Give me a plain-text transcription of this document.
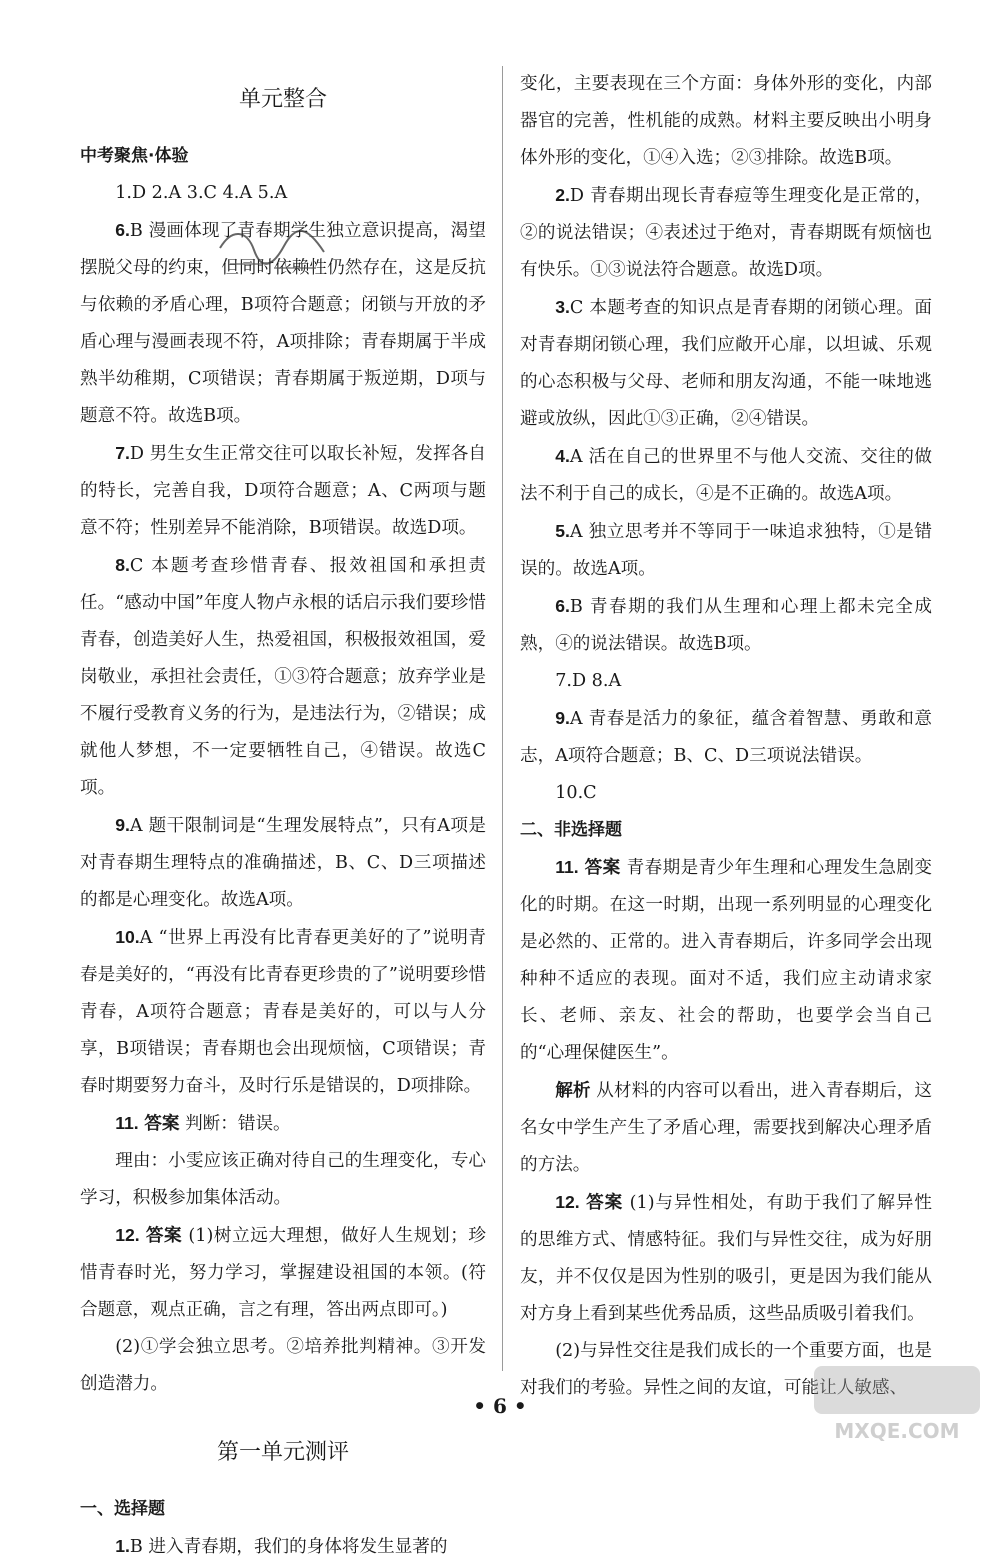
单元整合

中考聚焦·体验

1.D 2.A 3.C 4.A 5.A

6.B 漫画体现了青春期学生独立意识提高，渴望摆脱父母的约束，但同时依赖性仍然存在，这是反抗与依赖的矛盾心理，B项符合题意；闭锁与开放的矛盾心理与漫画表现不符，A项排除；青春期属于半成熟半幼稚期，C项错误；青春期属于叛逆期，D项与题意不符。故选B项。

7.D 男生女生正常交往可以取长补短，发挥各自的特长，完善自我，D项符合题意；A、C两项与题意不符；性别差异不能消除，B项错误。故选D项。

8.C 本题考查珍惜青春、报效祖国和承担责任。“感动中国”年度人物卢永根的话启示我们要珍惜青春，创造美好人生，热爱祖国，积极报效祖国，爱岗敬业，承担社会责任，①③符合题意；放弃学业是不履行受教育义务的行为，是违法行为，②错误；成就他人梦想，不一定要牺牲自己，④错误。故选C项。

9.A 题干限制词是“生理发展特点”，只有A项是对青春期生理特点的准确描述，B、C、D三项描述的都是心理变化。故选A项。

10.A “世界上再没有比青春更美好的了”说明青春是美好的，“再没有比青春更珍贵的了”说明要珍惜青春，A项符合题意；青春是美好的，可以与人分享，B项错误；青春期也会出现烦恼，C项错误；青春时期要努力奋斗，及时行乐是错误的，D项排除。

11. 答案 判断：错误。

理由：小雯应该正确对待自己的生理变化，专心学习，积极参加集体活动。

12. 答案 (1)树立远大理想，做好人生规划；珍惜青春时光，努力学习，掌握建设祖国的本领。(符合题意，观点正确，言之有理，答出两点即可。)

(2)①学会独立思考。②培养批判精神。③开发创造潜力。

第一单元测评

一、选择题

1.B 进入青春期，我们的身体将发生显著的

变化，主要表现在三个方面：身体外形的变化，内部器官的完善，性机能的成熟。材料主要反映出小明身体外形的变化，①④入选；②③排除。故选B项。

2.D 青春期出现长青春痘等生理变化是正常的，②的说法错误；④表述过于绝对，青春期既有烦恼也有快乐。①③说法符合题意。故选D项。

3.C 本题考查的知识点是青春期的闭锁心理。面对青春期闭锁心理，我们应敞开心扉，以坦诚、乐观的心态积极与父母、老师和朋友沟通，不能一味地逃避或放纵，因此①③正确，②④错误。

4.A 活在自己的世界里不与他人交流、交往的做法不利于自己的成长，④是不正确的。故选A项。

5.A 独立思考并不等同于一味追求独特，①是错误的。故选A项。

6.B 青春期的我们从生理和心理上都未完全成熟，④的说法错误。故选B项。

7.D 8.A

9.A 青春是活力的象征，蕴含着智慧、勇敢和意志，A项符合题意；B、C、D三项说法错误。

10.C

二、非选择题

11. 答案 青春期是青少年生理和心理发生急剧变化的时期。在这一时期，出现一系列明显的心理变化是必然的、正常的。进入青春期后，许多同学会出现种种不适应的表现。面对不适，我们应主动请求家长、老师、亲友、社会的帮助，也要学会当自己的“心理保健医生”。

解析 从材料的内容可以看出，进入青春期后，这名女中学生产生了矛盾心理，需要找到解决心理矛盾的方法。

12. 答案 (1)与异性相处，有助于我们了解异性的思维方式、情感特征。我们与异性交往，成为好朋友，并不仅仅是因为性别的吸引，更是因为我们能从对方身上看到某些优秀品质，这些品质吸引着我们。

(2)与异性交往是我们成长的一个重要方面，也是对我们的考验。异性之间的友谊，可能让人敏感、

• 6 •
MXQE.COM
